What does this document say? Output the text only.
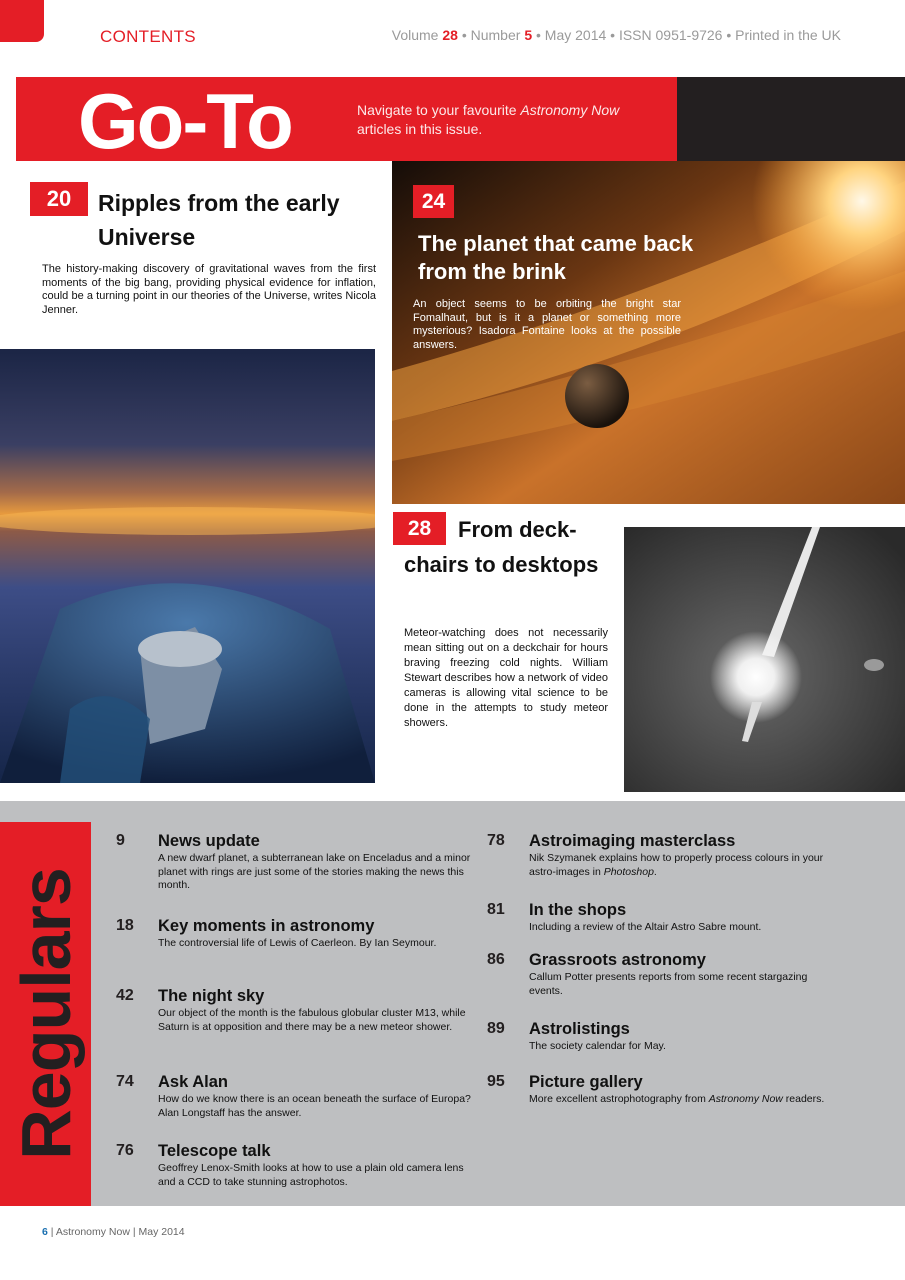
CONTENTS	Volume 28 • Number 5 • May 2014 • ISSN 0951-9726 • Printed in the UK
Go-To	Navigate to your favourite Astronomy Now articles in this issue.
20	Ripples from the early Universe
The history-making discovery of gravitational waves from the first moments of the big bang, providing physical evidence for inflation, could be a turning point in our theories of the Universe, writes Nicola Jenner.
24
The planet that came back from the brink
An object seems to be orbiting the bright star Fomalhaut, but is it a planet or something more mysterious? Isadora Fontaine looks at the possible answers.
28	From deck-chairs to desktops
Meteor-watching does not necessarily mean sitting out on a deckchair for hours braving freezing cold nights. William Stewart describes how a network of video cameras is allowing vital science to be done in the attempts to study meteor showers.
Regulars
9	News update
A new dwarf planet, a subterranean lake on Enceladus and a minor planet with rings are just some of the stories making the news this month.
18	Key moments in astronomy
The controversial life of Lewis of Caerleon. By Ian Seymour.
42	The night sky
Our object of the month is the fabulous globular cluster M13, while Saturn is at opposition and there may be a new meteor shower.
74	Ask Alan
How do we know there is an ocean beneath the surface of Europa? Alan Longstaff has the answer.
76	Telescope talk
Geoffrey Lenox-Smith looks at how to use a plain old camera lens and a CCD to take stunning astrophotos.
78	Astroimaging masterclass
Nik Szymanek explains how to properly process colours in your astro-images in Photoshop.
81	In the shops
Including a review of the Altair Astro Sabre mount.
86	Grassroots astronomy
Callum Potter presents reports from some recent stargazing events.
89	Astrolistings
The society calendar for May.
95	Picture gallery
More excellent astrophotography from Astronomy Now readers.
6 | Astronomy Now | May 2014
